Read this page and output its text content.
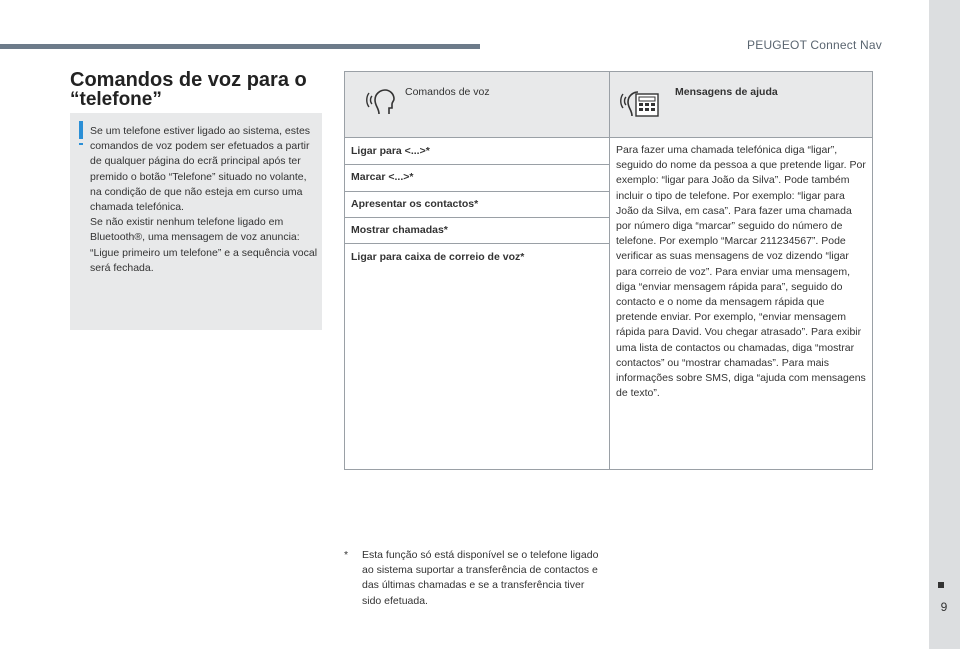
PEUGEOT Connect Nav
9
Comandos de voz para o
“telefone”

Se um telefone estiver ligado ao sistema, estes comandos de voz podem ser efetuados a partir de qualquer página do ecrã principal após ter premido o botão “Telefone” situado no volante, na condição de que não esteja em curso uma chamada telefónica.

Se não existir nenhum telefone ligado em Bluetooth®, uma mensagem de voz anuncia: “Ligue primeiro um telefone” e a sequência vocal será fechada.

Comandos de voz	Mensagens de ajuda
Ligar para <...>*
Marcar <...>*
Apresentar os contactos*
Mostrar chamadas*
Ligar para caixa de correio de voz*
Para fazer uma chamada telefónica diga “ligar”, seguido do nome da pessoa a que pretende ligar. Por exemplo: “ligar para João da Silva”. Pode também incluir o tipo de telefone. Por exemplo: “ligar para João da Silva, em casa”. Para fazer uma chamada por número diga “marcar” seguido do número de telefone. Por exemplo “Marcar 211234567”. Pode verificar as suas mensagens de voz dizendo “ligar para correio de voz”. Para enviar uma mensagem, diga “enviar mensagem rápida para”, seguido do contacto e o nome da mensagem rápida que pretende enviar. Por exemplo, “enviar mensagem rápida para David. Vou chegar atrasado”. Para exibir uma lista de contactos ou chamadas, diga “mostrar contactos” ou “mostrar chamadas”. Para mais informações sobre SMS, diga “ajuda com mensagens de texto”.
* Esta função só está disponível se o telefone ligado ao sistema suportar a transferência de contactos e das últimas chamadas e se a transferência tiver sido efetuada.
